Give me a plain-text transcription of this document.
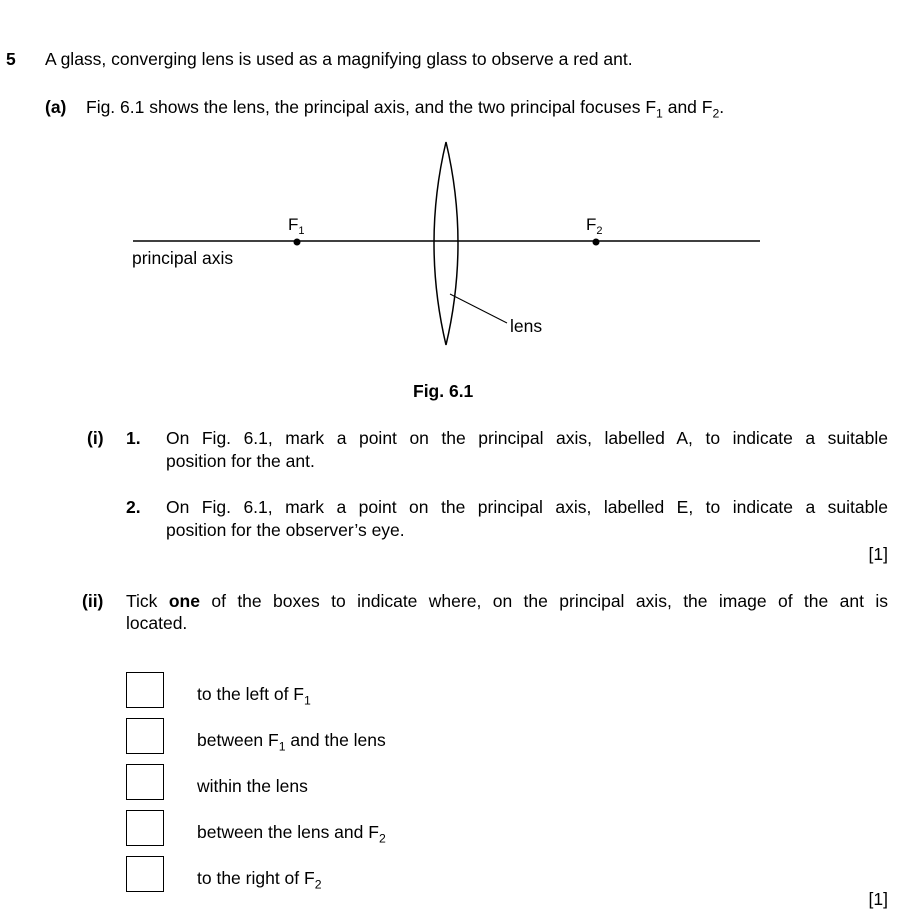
5 A glass, converging lens is used as a magnifying glass to observe a red ant.
(a) Fig. 6.1 shows the lens, the principal axis, and the two principal focuses $F_1$ and $F_2$.
$F_1$	$F_2$
principal axis
lens
Fig. 6.1
(i) 1. On Fig. 6.1, mark a point on the principal axis, labelled A, to indicate a suitable
position for the ant.
2. On Fig. 6.1, mark a point on the principal axis, labelled E, to indicate a suitable
position for the observer’s eye.
[1]
(ii) Tick one of the boxes to indicate where, on the principal axis, the image of the ant is
located.
to the left of $F_1$
between $F_1$ and the lens
within the lens
between the lens and $F_2$
to the right of $F_2$
[1]
